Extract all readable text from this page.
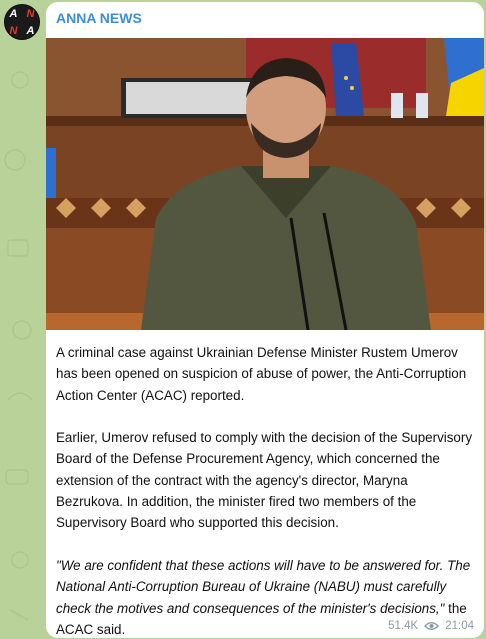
A N
N A
ANNA NEWS

A criminal case against Ukrainian Defense Minister Rustem Umerov has been opened on suspicion of abuse of power, the Anti-Corruption Action Center (ACAC) reported.

Earlier, Umerov refused to comply with the decision of the Supervisory Board of the Defense Procurement Agency, which concerned the extension of the contract with the agency's director, Maryna Bezrukova. In addition, the minister fired two members of the Supervisory Board who supported this decision.

"We are confident that these actions will have to be answered for. The National Anti-Corruption Bureau of Ukraine (NABU) must carefully check the motives and consequences of the minister's decisions," the ACAC said.	51.4K 21:04
